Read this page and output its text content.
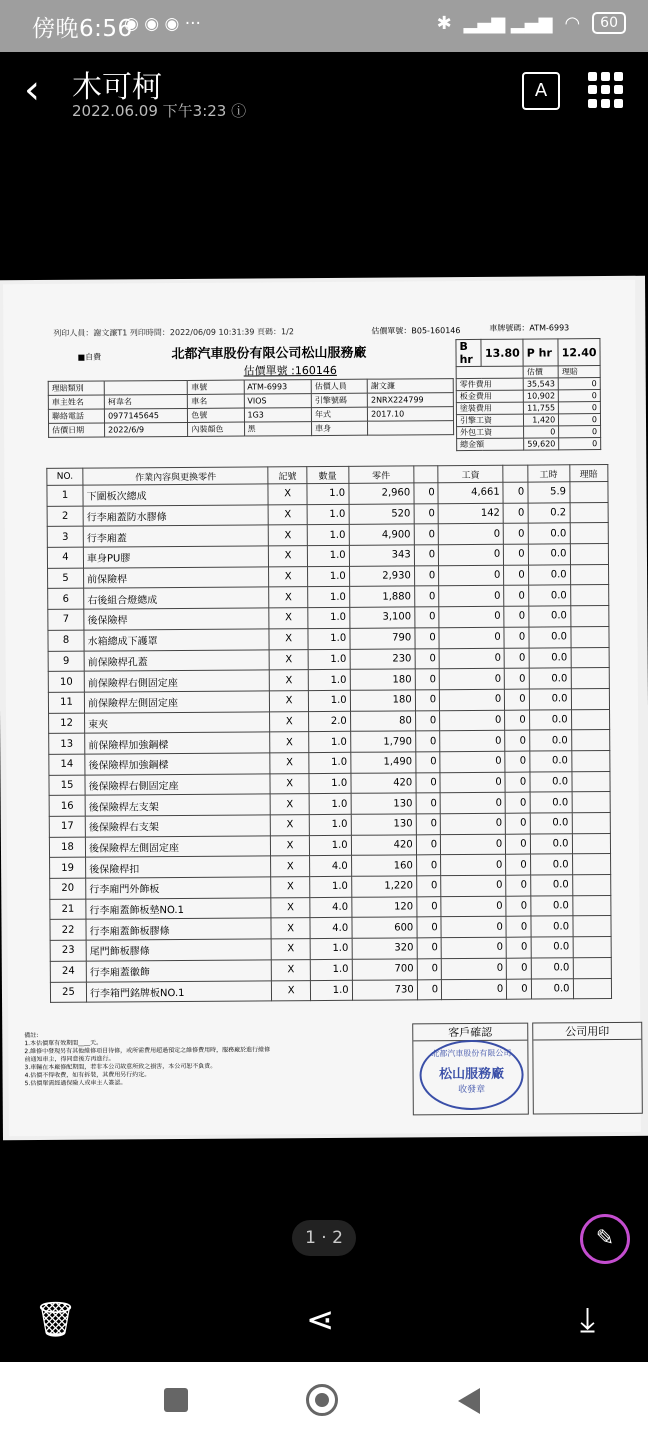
傍晚6:56
◉ ◉ ◉ ···	✱ ▂▄▆ ▂▄▆ ◠	60
‹ 木可柯
2022.06.09 下午3:23 ⓘ
A
列印人員：謝文濂T1 列印時間：2022/06/09 10:31:39 頁碼：1/2	估價單號：B05-160146	車牌號碼：ATM-6993
■自費	北都汽車股份有限公司松山服務廠
估價單號 :160146
理賠類別		車號	ATM-6993	估價人員	謝文濂
車主姓名	柯韋名	車名	VIOS	引擎號碼	2NRX224799
聯絡電話	0977145645	色號	1G3	年式	2017.10
估價日期	2022/6/9	內裝顏色	黑	車身	
B hr	13.80	P hr	12.40
		估價	理賠
零件費用		35,543	0
板金費用		10,902	0
塗裝費用		11,755	0
引擎工資		1,420	0
外包工資		0	0
總金額		59,620	0
NO.	作業內容與更換零件	記號	數量	零件		工資		工時	理賠
1	下圍板次總成	X	1.0	2,960	0	4,661	0	5.9	
2	行李廂蓋防水膠條	X	1.0	520	0	142	0	0.2	
3	行李廂蓋	X	1.0	4,900	0	0	0	0.0	
4	車身PU膠	X	1.0	343	0	0	0	0.0	
5	前保險桿	X	1.0	2,930	0	0	0	0.0	
6	右後組合燈總成	X	1.0	1,880	0	0	0	0.0	
7	後保險桿	X	1.0	3,100	0	0	0	0.0	
8	水箱總成下護罩	X	1.0	790	0	0	0	0.0	
9	前保險桿孔蓋	X	1.0	230	0	0	0	0.0	
10	前保險桿右側固定座	X	1.0	180	0	0	0	0.0	
11	前保險桿左側固定座	X	1.0	180	0	0	0	0.0	
12	束夾	X	2.0	80	0	0	0	0.0	
13	前保險桿加強鋼樑	X	1.0	1,790	0	0	0	0.0	
14	後保險桿加強鋼樑	X	1.0	1,490	0	0	0	0.0	
15	後保險桿右側固定座	X	1.0	420	0	0	0	0.0	
16	後保險桿左支架	X	1.0	130	0	0	0	0.0	
17	後保險桿右支架	X	1.0	130	0	0	0	0.0	
18	後保險桿左側固定座	X	1.0	420	0	0	0	0.0	
19	後保險桿扣	X	4.0	160	0	0	0	0.0	
20	行李廂門外飾板	X	1.0	1,220	0	0	0	0.0	
21	行李廂蓋飾板墊NO.1	X	4.0	120	0	0	0	0.0	
22	行李廂蓋飾板膠條	X	4.0	600	0	0	0	0.0	
23	尾門飾板膠條	X	1.0	320	0	0	0	0.0	
24	行李廂蓋徽飾	X	1.0	700	0	0	0	0.0	
25	行李箱門銘牌板NO.1	X	1.0	730	0	0	0	0.0	
備註:
1.本估價單有效期間____天。
2.維修中發現另有其他維修項目待修，或所需費用超過預定之維修費用時，服務廠於進行維修
前通知車主，得同意後方再進行。
3.車輛在本廠修配期間，若非本公司故意所致之損害，本公司恕不負責。
4.估價不得收費，如有拆裝，其費用另行約定。
5.估價單需經過保險人或車主人簽認。
客戶確認
北都汽車股份有限公司
松山服務廠
收發章
公司用印
1 · 2	✎
🗑	⋖	⤓
